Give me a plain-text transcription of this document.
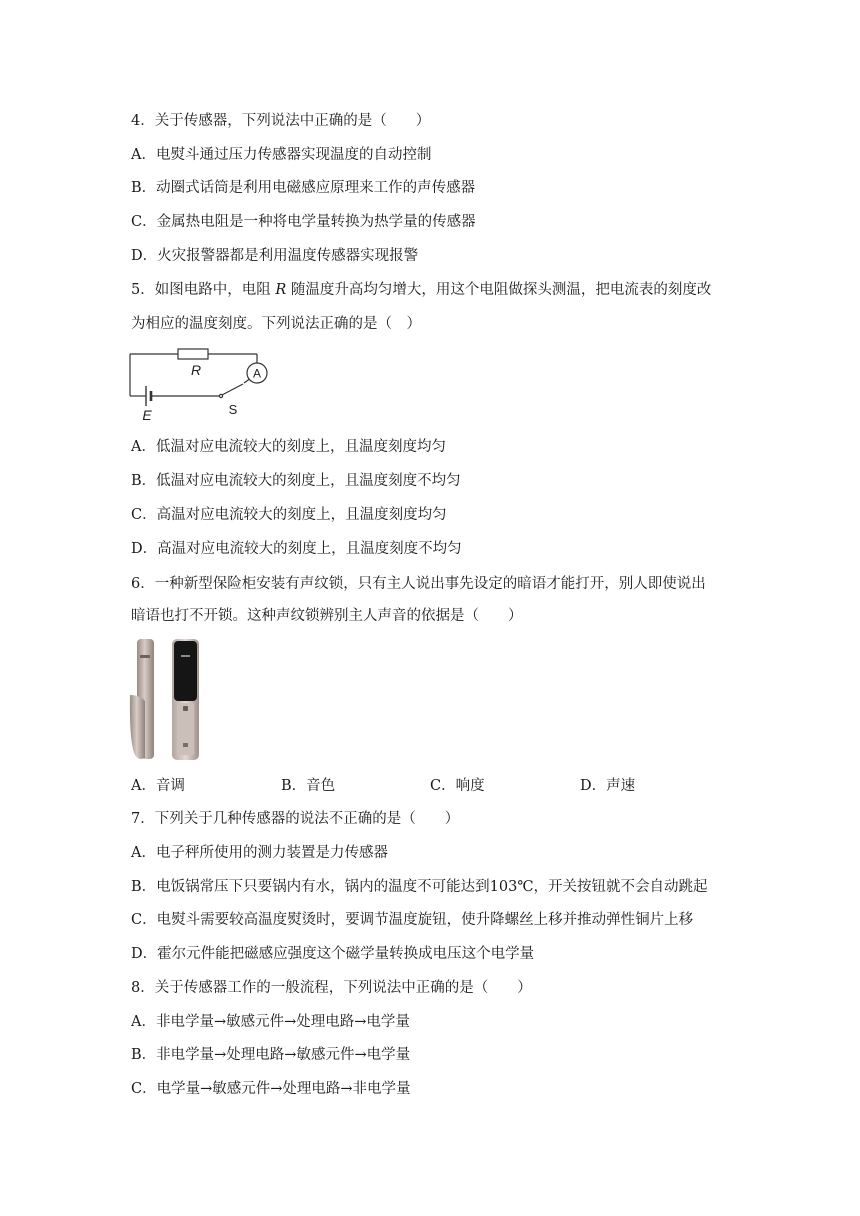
4．关于传感器，下列说法中正确的是（　　）
A．电熨斗通过压力传感器实现温度的自动控制
B．动圈式话筒是利用电磁感应原理来工作的声传感器
C．金属热电阻是一种将电学量转换为热学量的传感器
D．火灾报警器都是利用温度传感器实现报警
5．如图电路中，电阻 R 随温度升高均匀增大，用这个电阻做探头测温，把电流表的刻度改
为相应的温度刻度。下列说法正确的是（　）
A
R
E	S
A．低温对应电流较大的刻度上，且温度刻度均匀
B．低温对应电流较大的刻度上，且温度刻度不均匀
C．高温对应电流较大的刻度上，且温度刻度均匀
D．高温对应电流较大的刻度上，且温度刻度不均匀
6．一种新型保险柜安装有声纹锁，只有主人说出事先设定的暗语才能打开，别人即使说出
暗语也打不开锁。这种声纹锁辨别主人声音的依据是（　　）
A．音调	B．音色	C．响度	D．声速
7．下列关于几种传感器的说法不正确的是（　　）
A．电子秤所使用的测力装置是力传感器
B．电饭锅常压下只要锅内有水，锅内的温度不可能达到103℃，开关按钮就不会自动跳起
C．电熨斗需要较高温度熨烫时，要调节温度旋钮，使升降螺丝上移并推动弹性铜片上移
D．霍尔元件能把磁感应强度这个磁学量转换成电压这个电学量
8．关于传感器工作的一般流程，下列说法中正确的是（　　）
A．非电学量→敏感元件→处理电路→电学量
B．非电学量→处理电路→敏感元件→电学量
C．电学量→敏感元件→处理电路→非电学量
